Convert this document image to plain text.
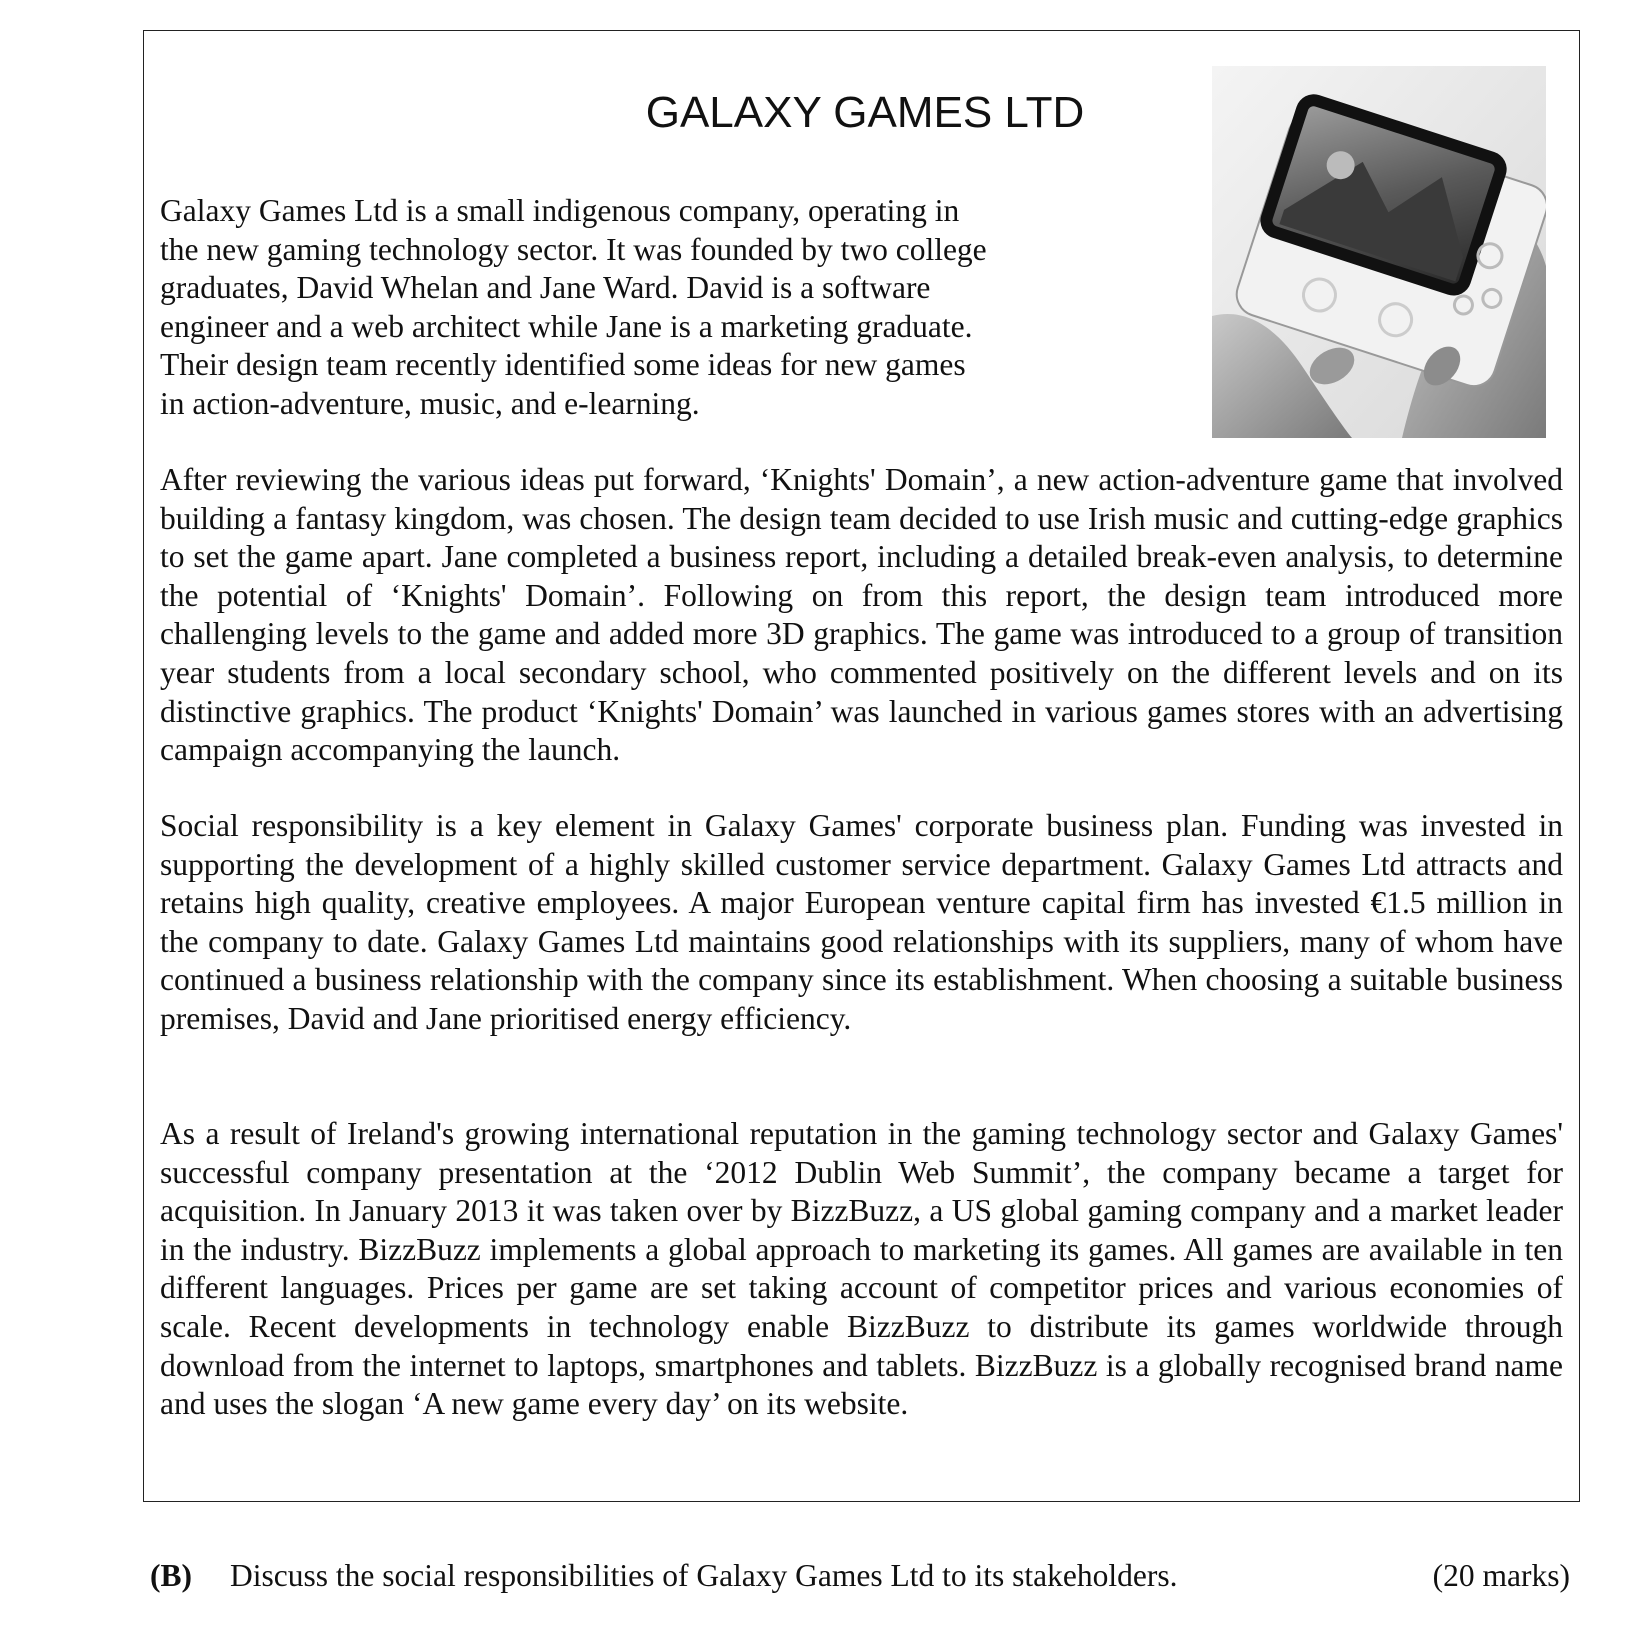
GALAXY GAMES LTD

Galaxy Games Ltd is a small indigenous company, operating in
the new gaming technology sector. It was founded by two college
graduates, David Whelan and Jane Ward. David is a software
engineer and a web architect while Jane is a marketing graduate.
Their design team recently identified some ideas for new games
in action-adventure, music, and e-learning.

After reviewing the various ideas put forward, ‘Knights' Domain’, a new action-adventure game that involved building a fantasy kingdom, was chosen. The design team decided to use Irish music and cutting-edge graphics to set the game apart. Jane completed a business report, including a detailed break-even analysis, to determine the potential of ‘Knights' Domain’. Following on from this report, the design team introduced more challenging levels to the game and added more 3D graphics. The game was introduced to a group of transition year students from a local secondary school, who commented positively on the different levels and on its distinctive graphics. The product ‘Knights' Domain’ was launched in various games stores with an advertising campaign accompanying the launch.

Social responsibility is a key element in Galaxy Games' corporate business plan. Funding was invested in supporting the development of a highly skilled customer service department. Galaxy Games Ltd attracts and retains high quality, creative employees. A major European venture capital firm has invested €1.5 million in the company to date. Galaxy Games Ltd maintains good relationships with its suppliers, many of whom have continued a business relationship with the company since its establishment. When choosing a suitable business premises, David and Jane prioritised energy efficiency.

As a result of Ireland's growing international reputation in the gaming technology sector and Galaxy Games' successful company presentation at the ‘2012 Dublin Web Summit’, the company became a target for acquisition. In January 2013 it was taken over by BizzBuzz, a US global gaming company and a market leader in the industry. BizzBuzz implements a global approach to marketing its games. All games are available in ten different languages. Prices per game are set taking account of competitor prices and various economies of scale. Recent developments in technology enable BizzBuzz to distribute its games worldwide through download from the internet to laptops, smartphones and tablets. BizzBuzz is a globally recognised brand name and uses the slogan ‘A new game every day’ on its website.

(B) Discuss the social responsibilities of Galaxy Games Ltd to its stakeholders.	(20 marks)
